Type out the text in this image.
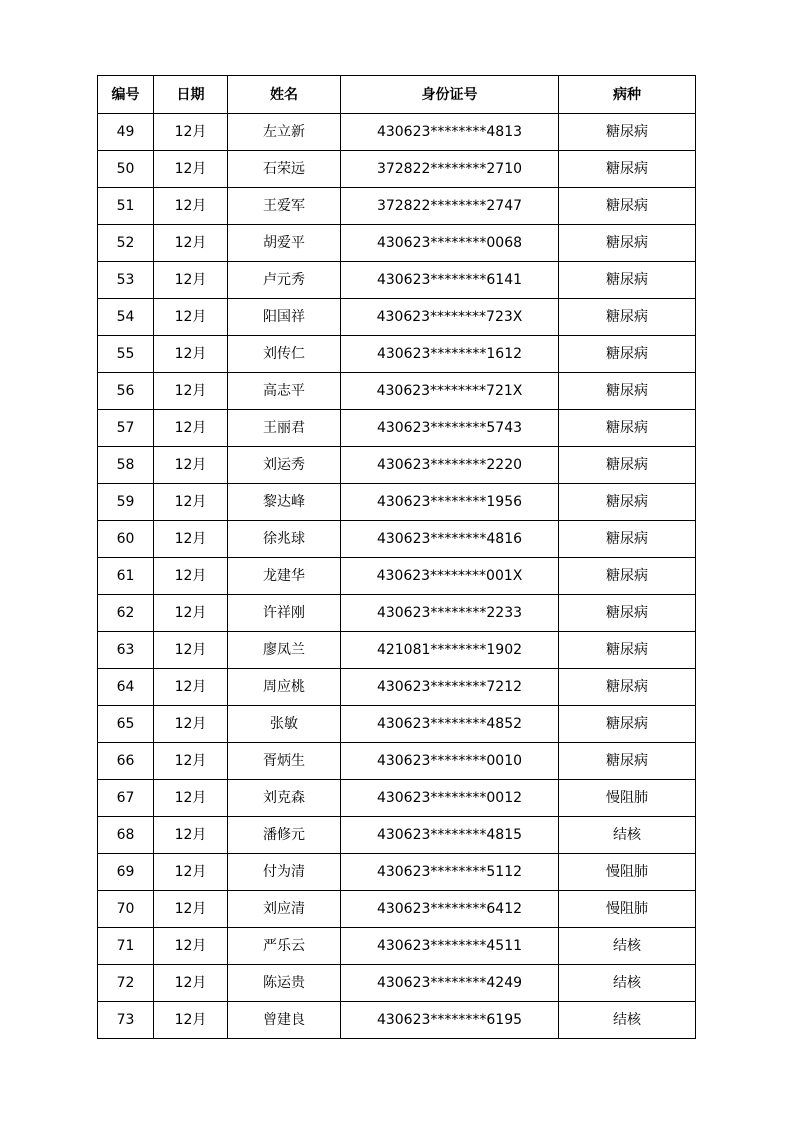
编号	日期	姓名	身份证号	病种
49	12月	左立新	430623********4813	糖尿病
50	12月	石荣远	372822********2710	糖尿病
51	12月	王爱军	372822********2747	糖尿病
52	12月	胡爱平	430623********0068	糖尿病
53	12月	卢元秀	430623********6141	糖尿病
54	12月	阳国祥	430623********723X	糖尿病
55	12月	刘传仁	430623********1612	糖尿病
56	12月	高志平	430623********721X	糖尿病
57	12月	王丽君	430623********5743	糖尿病
58	12月	刘运秀	430623********2220	糖尿病
59	12月	黎达峰	430623********1956	糖尿病
60	12月	徐兆球	430623********4816	糖尿病
61	12月	龙建华	430623********001X	糖尿病
62	12月	许祥刚	430623********2233	糖尿病
63	12月	廖凤兰	421081********1902	糖尿病
64	12月	周应桃	430623********7212	糖尿病
65	12月	张敏	430623********4852	糖尿病
66	12月	胥炳生	430623********0010	糖尿病
67	12月	刘克森	430623********0012	慢阻肺
68	12月	潘修元	430623********4815	结核
69	12月	付为清	430623********5112	慢阻肺
70	12月	刘应清	430623********6412	慢阻肺
71	12月	严乐云	430623********4511	结核
72	12月	陈运贵	430623********4249	结核
73	12月	曾建良	430623********6195	结核
